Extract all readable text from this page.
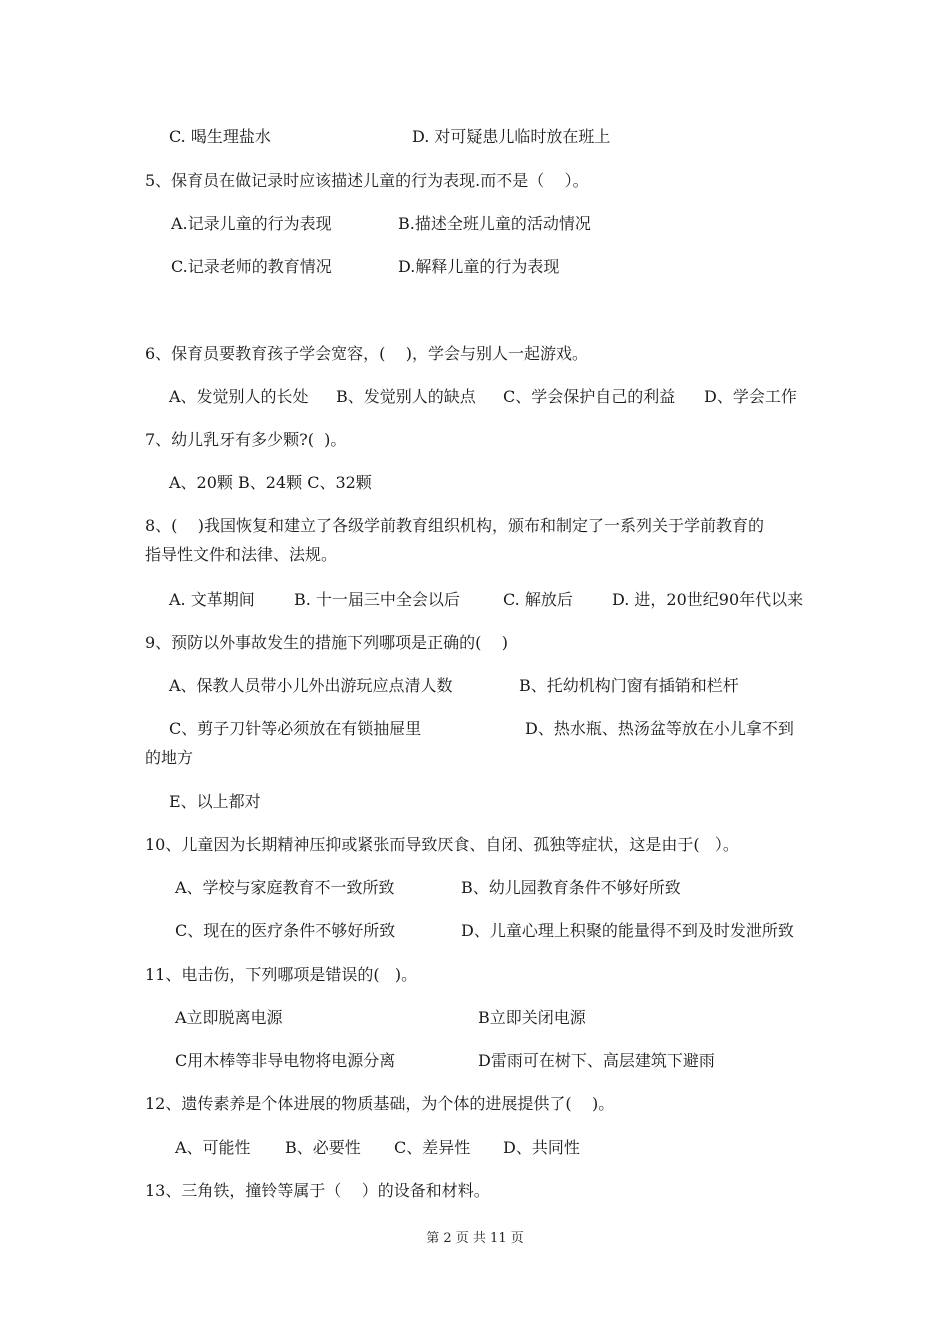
C. 喝生理盐水	D. 对可疑患儿临时放在班上
5、保育员在做记录时应该描述儿童的行为表现.而不是（    ）。
A.记录儿童的行为表现	B.描述全班儿童的活动情况
C.记录老师的教育情况	D.解释儿童的行为表现
6、保育员要教育孩子学会宽容，(    )，学会与别人一起游戏。
A、发觉别人的长处 B、发觉别人的缺点 C、学会保护自己的利益 D、学会工作
7、幼儿乳牙有多少颗?(  )。
A、20颗 B、24颗 C、32颗
8、(    )我国恢复和建立了各级学前教育组织机构，颁布和制定了一系列关于学前教育的
指导性文件和法律、法规。
A. 文革期间 B. 十一届三中全会以后	C. 解放后 D. 进，20世纪90年代以来
9、预防以外事故发生的措施下列哪项是正确的(    )
A、保教人员带小儿外出游玩应点清人数	B、托幼机构门窗有插销和栏杆
C、剪子刀针等必须放在有锁抽屉里	D、热水瓶、热汤盆等放在小儿拿不到
的地方
E、以上都对
10、儿童因为长期精神压抑或紧张而导致厌食、自闭、孤独等症状，这是由于(   ）。
A、学校与家庭教育不一致所致	B、幼儿园教育条件不够好所致
C、现在的医疗条件不够好所致	D、儿童心理上积聚的能量得不到及时发泄所致
11、电击伤，下列哪项是错误的(   )。
A立即脱离电源	B立即关闭电源
C用木棒等非导电物将电源分离	D雷雨可在树下、高层建筑下避雨
12、遗传素养是个体进展的物质基础，为个体的进展提供了(    )。
A、可能性 B、必要性 C、差异性 D、共同性
13、三角铁，撞铃等属于（    ）的设备和材料。
第 2 页 共 11 页
